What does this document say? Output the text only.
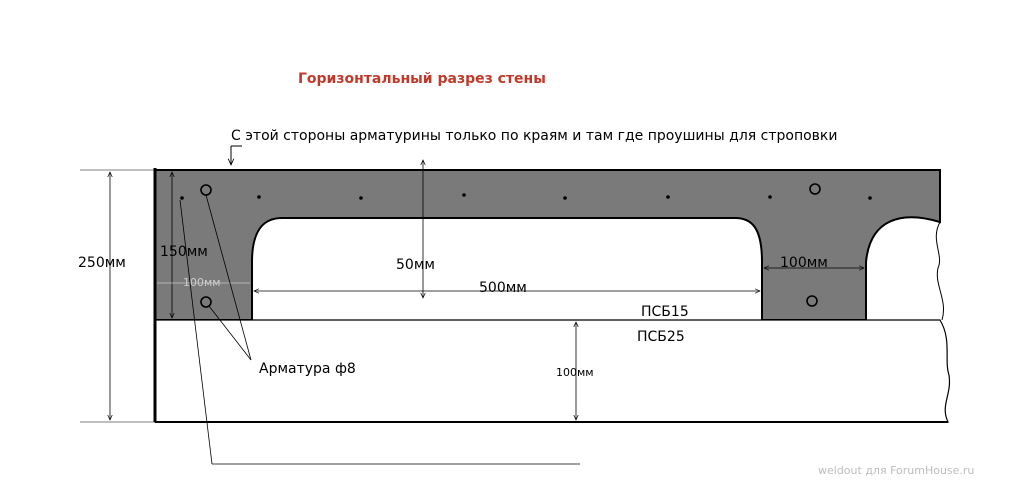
Горизонтальный разрез стены
С этой стороны арматурины только по краям и там где проушины для строповки
250мм
150мм
100мм
50мм
500мм
100мм
ПСБ15
ПСБ25
100мм
Арматура ф8
weldout для ForumHouse.ru
